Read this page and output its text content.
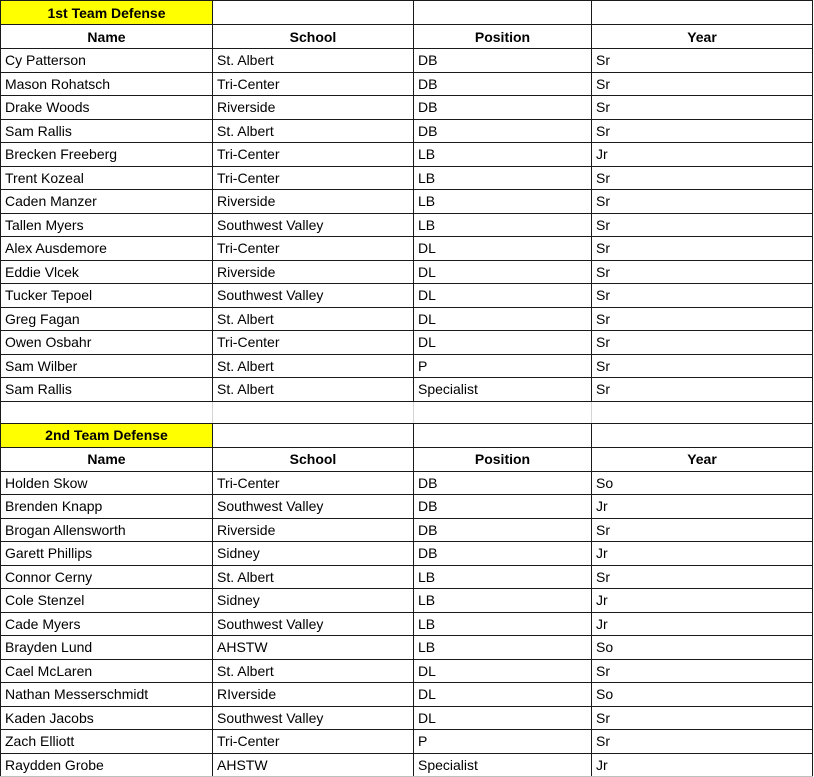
1st Team Defense			
Name	School	Position	Year
Cy Patterson	St. Albert	DB	Sr
Mason Rohatsch	Tri-Center	DB	Sr
Drake Woods	Riverside	DB	Sr
Sam Rallis	St. Albert	DB	Sr
Brecken Freeberg	Tri-Center	LB	Jr
Trent Kozeal	Tri-Center	LB	Sr
Caden Manzer	Riverside	LB	Sr
Tallen Myers	Southwest Valley	LB	Sr
Alex Ausdemore	Tri-Center	DL	Sr
Eddie Vlcek	Riverside	DL	Sr
Tucker Tepoel	Southwest Valley	DL	Sr
Greg Fagan	St. Albert	DL	Sr
Owen Osbahr	Tri-Center	DL	Sr
Sam Wilber	St. Albert	P	Sr
Sam Rallis	St. Albert	Specialist	Sr

2nd Team Defense			
Name	School	Position	Year
Holden Skow	Tri-Center	DB	So
Brenden Knapp	Southwest Valley	DB	Jr
Brogan Allensworth	Riverside	DB	Sr
Garett Phillips	Sidney	DB	Jr
Connor Cerny	St. Albert	LB	Sr
Cole Stenzel	Sidney	LB	Jr
Cade Myers	Southwest Valley	LB	Jr
Brayden Lund	AHSTW	LB	So
Cael McLaren	St. Albert	DL	Sr
Nathan Messerschmidt	RIverside	DL	So
Kaden Jacobs	Southwest Valley	DL	Sr
Zach Elliott	Tri-Center	P	Sr
Raydden Grobe	AHSTW	Specialist	Jr
